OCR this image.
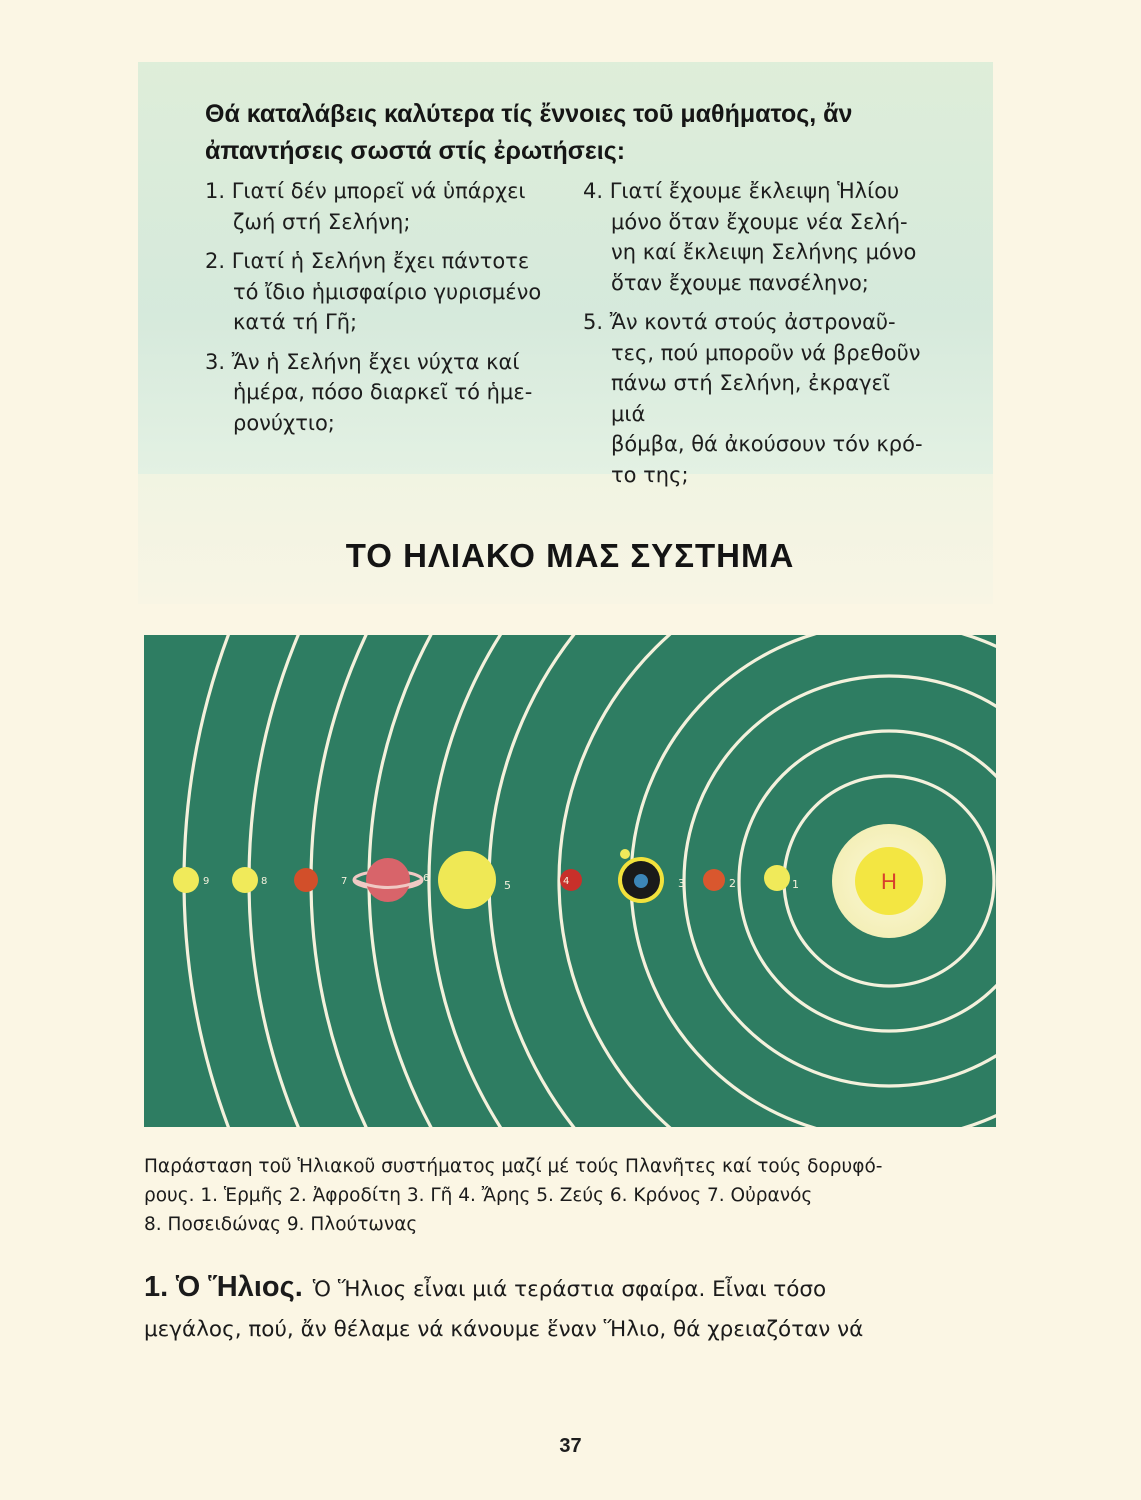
Θά καταλάβεις καλύτερα τίς ἔννοιες τοῦ μαθήματος, ἄν
ἀπαντήσεις σωστά στίς ἐρωτήσεις:
1. Γιατί δέν μπορεῖ νά ὑπάρχει
ζωή στή Σελήνη;
2. Γιατί ἡ Σελήνη ἔχει πάντοτε
τό ἴδιο ἡμισφαίριο γυρισμένο
κατά τή Γῆ;
3. Ἄν ἡ Σελήνη ἔχει νύχτα καί
ἡμέρα, πόσο διαρκεῖ τό ἡμε-
ρονύχτιο;
4. Γιατί ἔχουμε ἔκλειψη Ἡλίου
μόνο ὅταν ἔχουμε νέα Σελή-
νη καί ἔκλειψη Σελήνης μόνο
ὅταν ἔχουμε πανσέληνο;
5. Ἄν κοντά στούς ἀστροναῦ-
τες, πού μποροῦν νά βρεθοῦν
πάνω στή Σελήνη, ἐκραγεῖ μιά
βόμβα, θά ἀκούσουν τόν κρό-
το της;
ΤΟ ΗΛΙΑΚΟ ΜΑΣ ΣΥΣΤΗΜΑ
Η
1
2
3
4
5
6
7
8
9
Παράσταση τοῦ Ἡλιακοῦ συστήματος μαζί μέ τούς Πλανῆτες καί τούς δορυφό-
ρους. 1. Ἑρμῆς 2. Ἀφροδίτη 3. Γῆ 4. Ἄρης 5. Ζεύς 6. Κρόνος 7. Οὐρανός
8. Ποσειδώνας 9. Πλούτωνας
1. Ὁ Ἥλιος. Ὁ Ἥλιος εἶναι μιά τεράστια σφαίρα. Εἶναι τόσο
μεγάλος, πού, ἄν θέλαμε νά κάνουμε ἕναν Ἥλιο, θά χρειαζόταν νά
37
